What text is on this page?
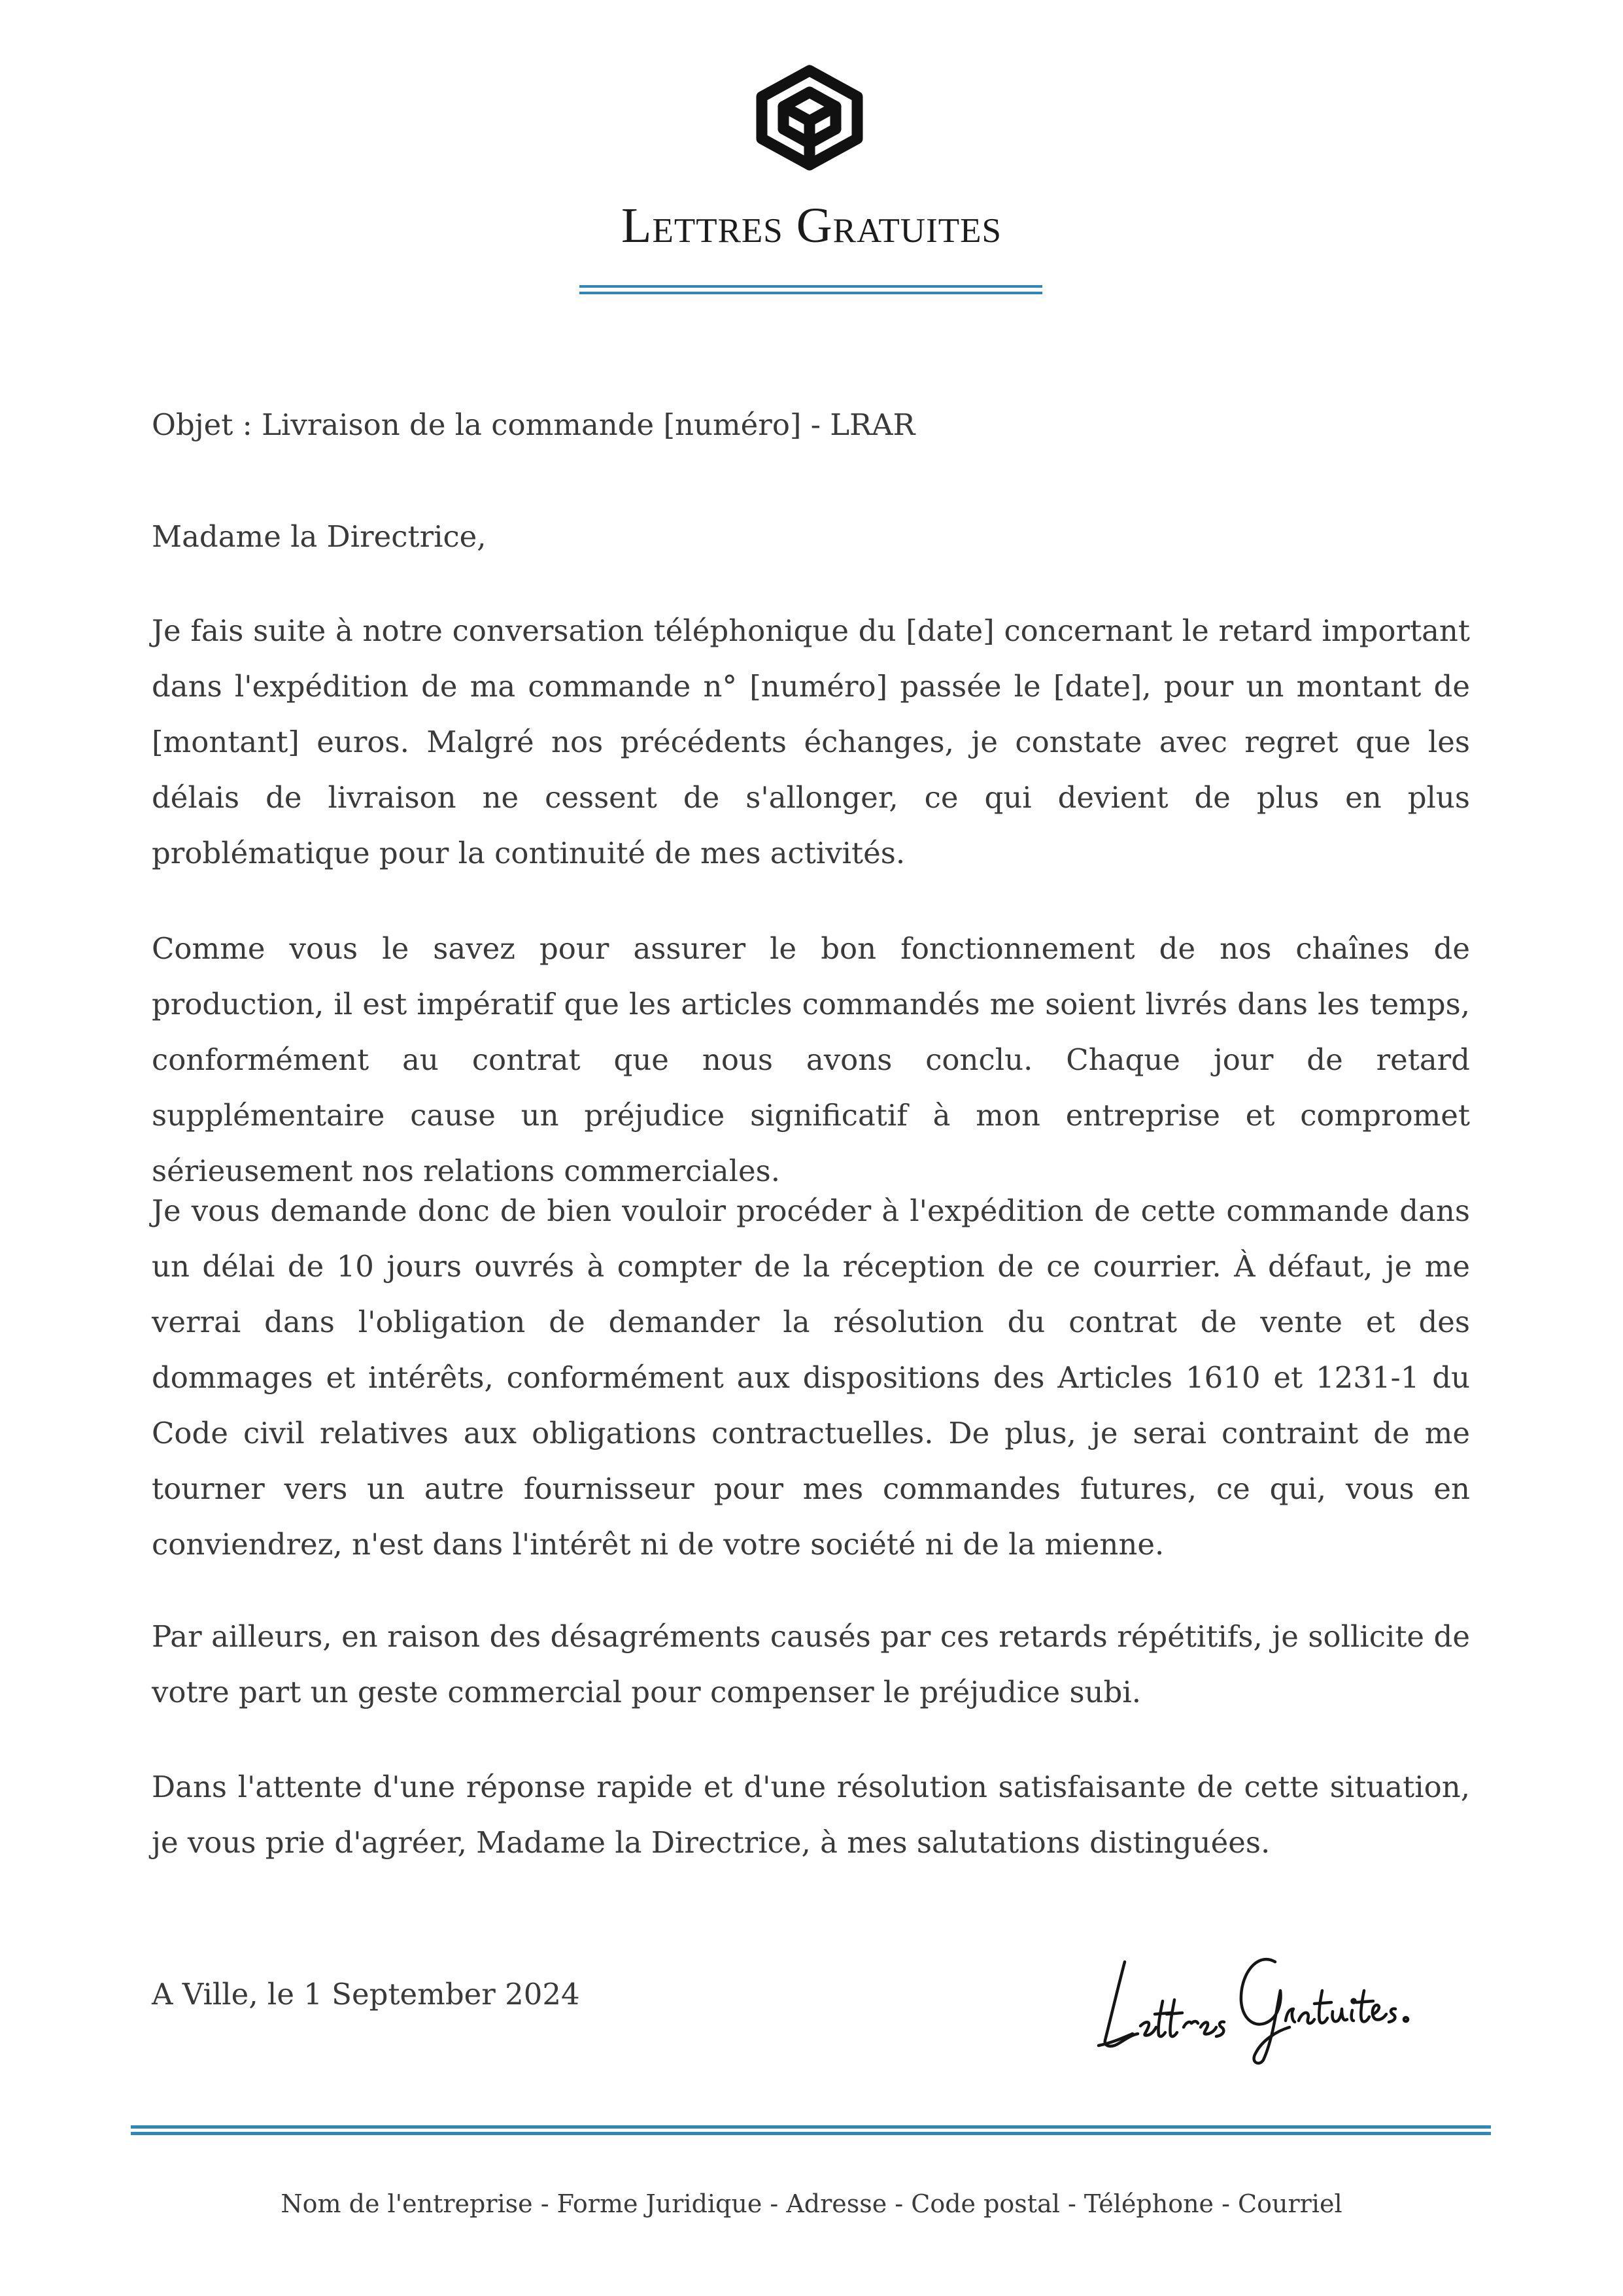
Lettres Gratuites
Objet : Livraison de la commande [numéro] - LRAR
Madame la Directrice,

Je fais suite à notre conversation téléphonique du [date] concernant le retard important dans l'expédition de ma commande n° [numéro] passée le [date], pour un montant de [montant] euros. Malgré nos précédents échanges, je constate avec regret que les délais de livraison ne cessent de s'allonger, ce qui devient de plus en plus problématique pour la continuité de mes activités.

Comme vous le savez pour assurer le bon fonctionnement de nos chaînes de production, il est impératif que les articles commandés me soient livrés dans les temps, conformément au contrat que nous avons conclu. Chaque jour de retard supplémentaire cause un préjudice significatif à mon entreprise et compromet sérieusement nos relations commerciales.

Je vous demande donc de bien vouloir procéder à l'expédition de cette commande dans un délai de 10 jours ouvrés à compter de la réception de ce courrier. À défaut, je me verrai dans l'obligation de demander la résolution du contrat de vente et des dommages et intérêts, conformément aux dispositions des Articles 1610 et 1231-1 du Code civil relatives aux obligations contractuelles. De plus, je serai contraint de me tourner vers un autre fournisseur pour mes commandes futures, ce qui, vous en conviendrez, n'est dans l'intérêt ni de votre société ni de la mienne.

Par ailleurs, en raison des désagréments causés par ces retards répétitifs, je sollicite de votre part un geste commercial pour compenser le préjudice subi.

Dans l'attente d'une réponse rapide et d'une résolution satisfaisante de cette situation, je vous prie d'agréer, Madame la Directrice, à mes salutations distinguées.

A Ville, le 1 September 2024
Nom de l'entreprise - Forme Juridique - Adresse - Code postal - Téléphone - Courriel
